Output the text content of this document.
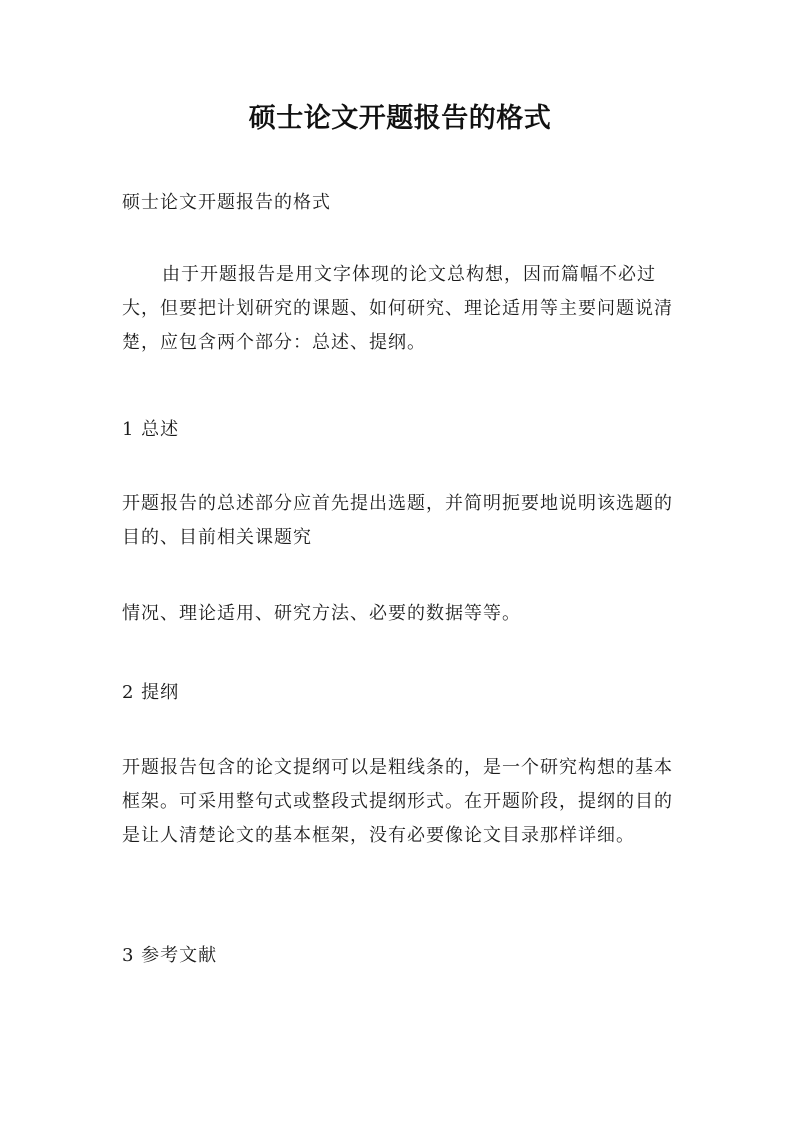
硕士论文开题报告的格式

硕士论文开题报告的格式

由于开题报告是用文字体现的论文总构想，因而篇幅不必过大，但要把计划研究的课题、如何研究、理论适用等主要问题说清楚，应包含两个部分：总述、提纲。

1 总述

开题报告的总述部分应首先提出选题，并简明扼要地说明该选题的目的、目前相关课题究

情况、理论适用、研究方法、必要的数据等等。

2 提纲

开题报告包含的论文提纲可以是粗线条的，是一个研究构想的基本框架。可采用整句式或整段式提纲形式。在开题阶段，提纲的目的是让人清楚论文的基本框架，没有必要像论文目录那样详细。

3 参考文献
